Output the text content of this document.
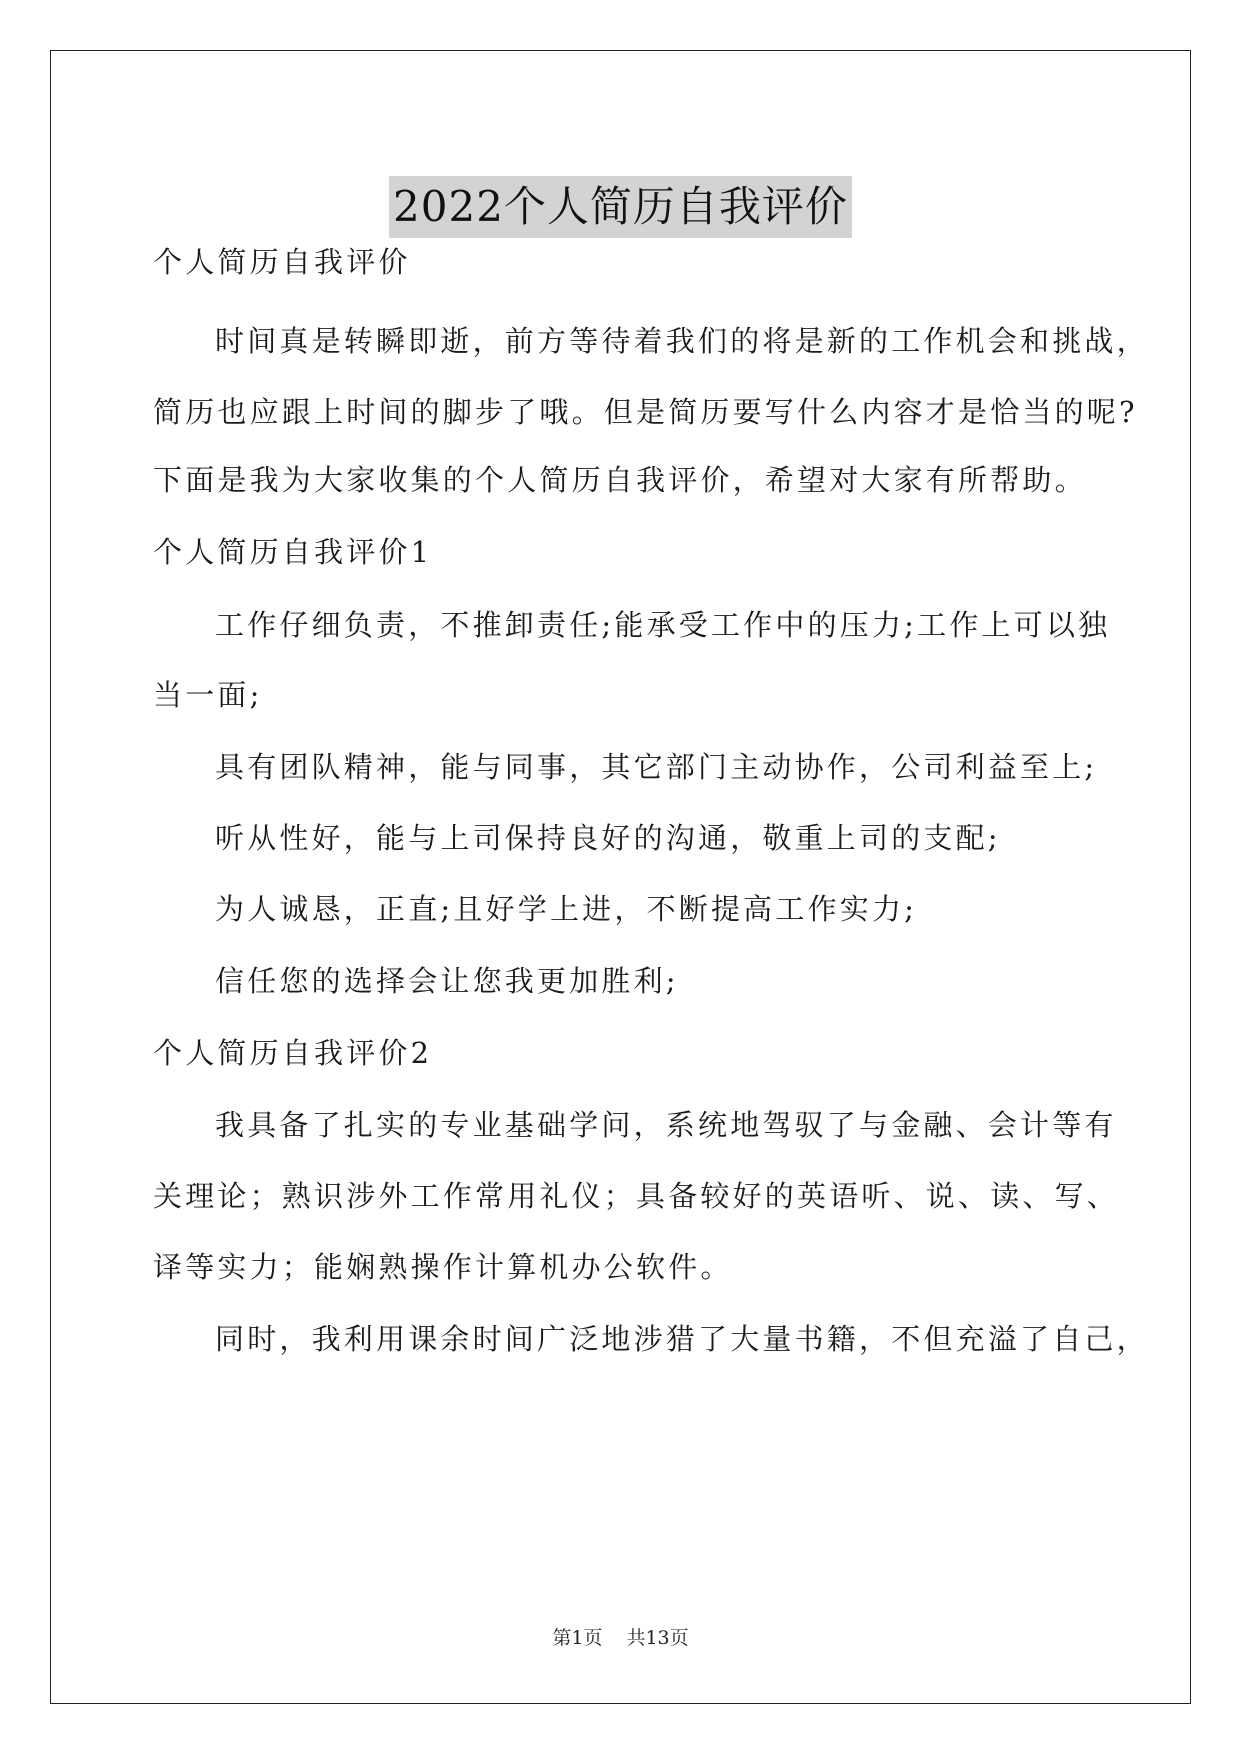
2022个人简历自我评价
个人简历自我评价
时间真是转瞬即逝，前方等待着我们的将是新的工作机会和挑战，
简历也应跟上时间的脚步了哦。但是简历要写什么内容才是恰当的呢?
下面是我为大家收集的个人简历自我评价，希望对大家有所帮助。
个人简历自我评价1
工作仔细负责，不推卸责任;能承受工作中的压力;工作上可以独
当一面;
具有团队精神，能与同事，其它部门主动协作，公司利益至上;
听从性好，能与上司保持良好的沟通，敬重上司的支配;
为人诚恳，正直;且好学上进，不断提高工作实力;
信任您的选择会让您我更加胜利;
个人简历自我评价2
我具备了扎实的专业基础学问，系统地驾驭了与金融、会计等有
关理论；熟识涉外工作常用礼仪；具备较好的英语听、说、读、写、
译等实力；能娴熟操作计算机办公软件。
同时，我利用课余时间广泛地涉猎了大量书籍，不但充溢了自己，
第1页 共13页
